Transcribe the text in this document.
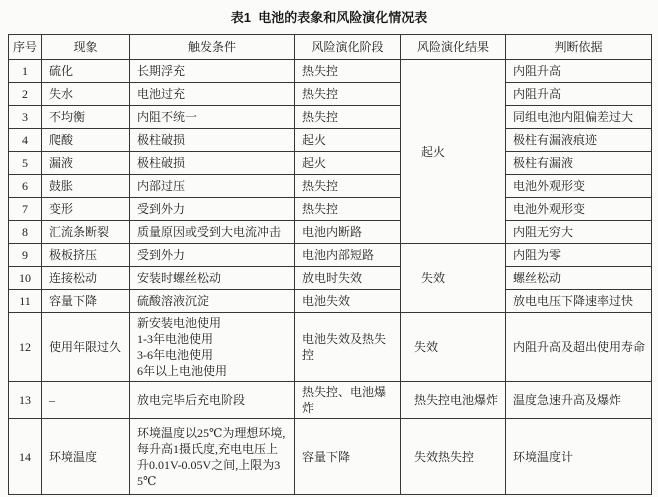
表1  电池的表象和风险演化情况表
序号	现象	触发条件	风险演化阶段	风险演化结果	判断依据
1	硫化	长期浮充	热失控	起火	内阻升高
2	失水	电池过充	热失控		内阻升高
3	不均衡	内阻不统一	热失控		同组电池内阻偏差过大
4	爬酸	极柱破损	起火		极柱有漏液痕迹
5	漏液	极柱破损	起火		极柱有漏液
6	鼓胀	内部过压	热失控		电池外观形变
7	变形	受到外力	热失控		电池外观形变
8	汇流条断裂	质量原因或受到大电流冲击	电池内断路		内阻无穷大
9	极板挤压	受到外力	电池内部短路	失效	内阻为零
10	连接松动	安装时螺丝松动	放电时失效		螺丝松动
11	容量下降	硫酸溶液沉淀	电池失效		放电电压下降速率过快
12	使用年限过久	新安装电池使用
1-3年电池使用
3-6年电池使用
6年以上电池使用	电池失效及热失控	失效	内阻升高及超出使用寿命
13	–	放电完毕后充电阶段	热失控、电池爆炸	热失控电池爆炸	温度急速升高及爆炸
14	环境温度	环境温度以25℃为理想环境,每升高1摄氏度,充电电压上升0.01V-0.05V之间,上限为35℃	容量下降	失效热失控	环境温度计
